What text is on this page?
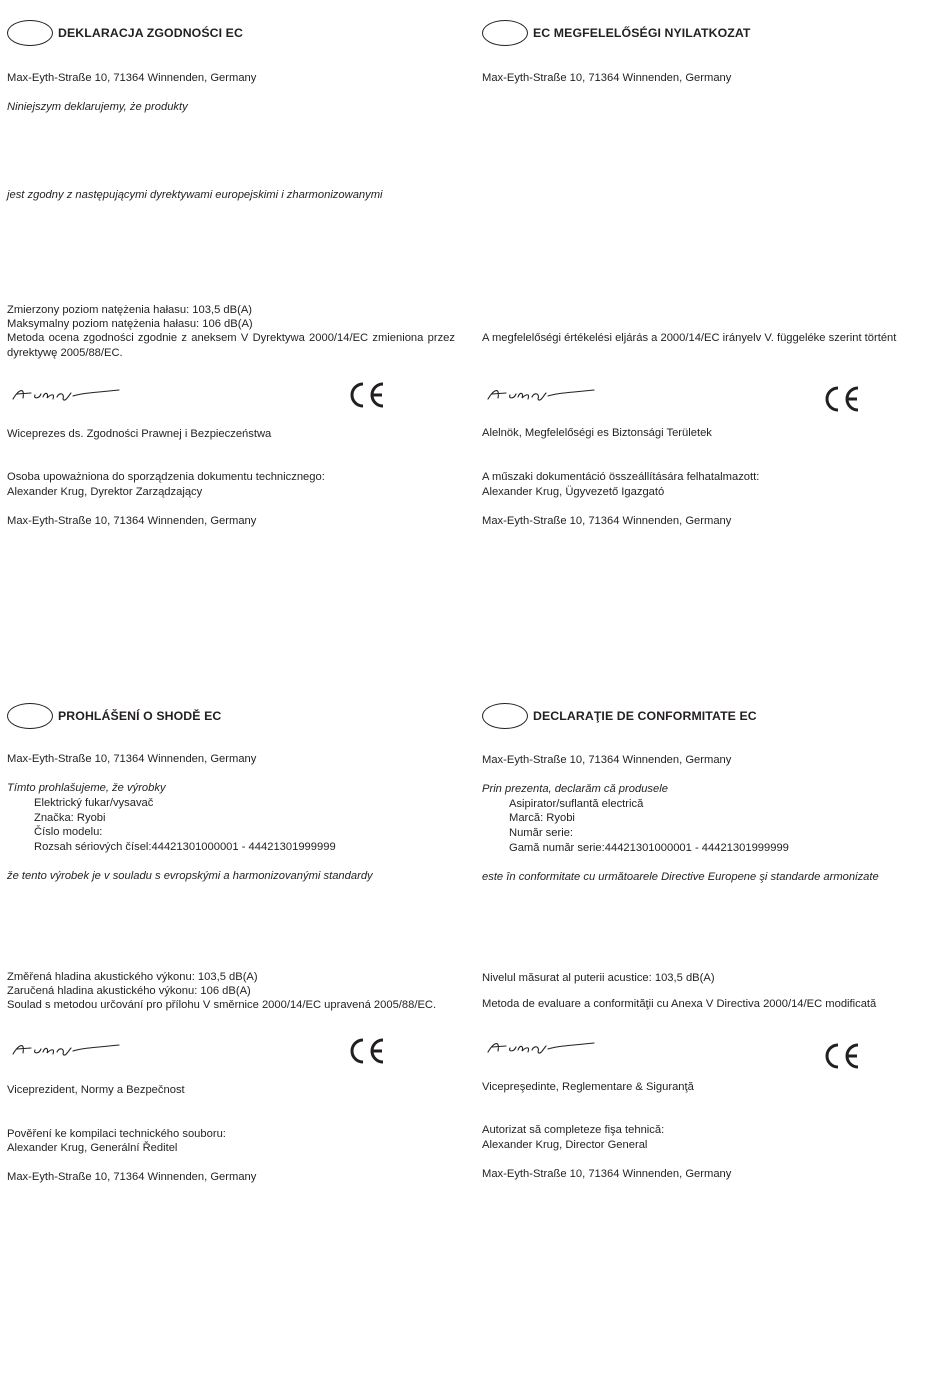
DEKLARACJA ZGODNOŚCI EC
Max-Eyth-Straße 10, 71364 Winnenden, Germany
Niniejszym deklarujemy, że produkty
jest zgodny z następującymi dyrektywami europejskimi i zharmonizowanymi
Zmierzony poziom natężenia hałasu: 103,5 dB(A)
Maksymalny poziom natężenia hałasu: 106 dB(A)
Metoda ocena zgodności zgodnie z aneksem V Dyrektywa 2000/14/EC zmieniona przez dyrektywę 2005/88/EC.
Wiceprezes ds. Zgodności Prawnej i Bezpieczeństwa
Osoba upoważniona do sporządzenia dokumentu technicznego:
Alexander Krug, Dyrektor Zarządzający
Max-Eyth-Straße 10, 71364 Winnenden, Germany
EC MEGFELELŐSÉGI NYILATKOZAT
Max-Eyth-Straße 10, 71364 Winnenden, Germany
A megfelelőségi értékelési eljárás a 2000/14/EC irányelv V. függeléke szerint történt
Alelnök, Megfelelőségi es Biztonsági Területek
A műszaki dokumentáció összeállítására felhatalmazott:
Alexander Krug, Ügyvezető Igazgató
Max-Eyth-Straße 10, 71364 Winnenden, Germany
PROHLÁŠENÍ O SHODĚ EC
Max-Eyth-Straße 10, 71364 Winnenden, Germany
Tímto prohlašujeme, že výrobky
Elektrický fukar/vysavač
Značka: Ryobi
Číslo modelu:
Rozsah sériových čísel:44421301000001 - 44421301999999
že tento výrobek je v souladu s evropskými a harmonizovanými standardy
Změřená hladina akustického výkonu: 103,5 dB(A)
Zaručená hladina akustického výkonu: 106 dB(A)
Soulad s metodou určování pro přílohu V směrnice 2000/14/EC upravená 2005/88/EC.
Viceprezident, Normy a Bezpečnost
Pověření ke kompilaci technického souboru:
Alexander Krug, Generální Ředitel
Max-Eyth-Straße 10, 71364 Winnenden, Germany
DECLARAŢIE DE CONFORMITATE EC
Max-Eyth-Straße 10, 71364 Winnenden, Germany
Prin prezenta, declarăm că produsele
Asipirator/suflantă electrică
Marcă: Ryobi
Număr serie:
Gamă număr serie:44421301000001 - 44421301999999
este în conformitate cu următoarele Directive Europene şi standarde armonizate
Nivelul măsurat al puterii acustice: 103,5 dB(A)
Metoda de evaluare a conformităţii cu Anexa V Directiva 2000/14/EC modificată
Vicepreşedinte, Reglementare & Siguranţă
Autorizat să completeze fişa tehnică:
Alexander Krug, Director General
Max-Eyth-Straße 10, 71364 Winnenden, Germany
